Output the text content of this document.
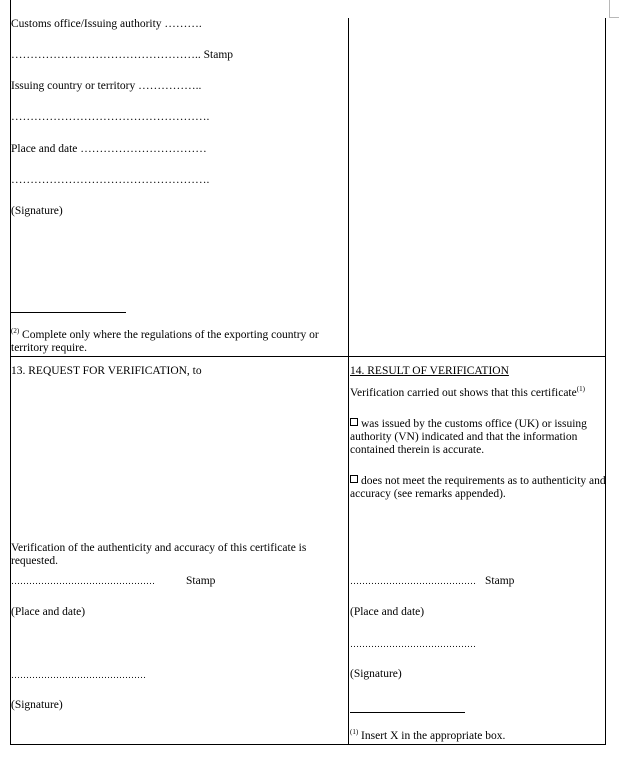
Customs office/Issuing authority ……….
………………………………………….. Stamp
Issuing country or territory ……………..
…………………………………………….
Place and date ……………………………
…………………………………………….
(Signature)
$^{(2)}$ Complete only where the regulations of the exporting country or territory require.
13. REQUEST FOR VERIFICATION, to
Verification of the authenticity and accuracy of this certificate is requested.
…………………………………………	Stamp
(Place and date)
………………………………………
(Signature)
14. RESULT OF VERIFICATION
Verification carried out shows that this certificate$^{(1)}$
was issued by the customs office (UK) or issuing authority (VN) indicated and that the information contained therein is accurate.
does not meet the requirements as to authenticity and accuracy (see remarks appended).
…………………………………… Stamp
(Place and date)
……………………………………
(Signature)
$^{(1)}$ Insert X in the appropriate box.
